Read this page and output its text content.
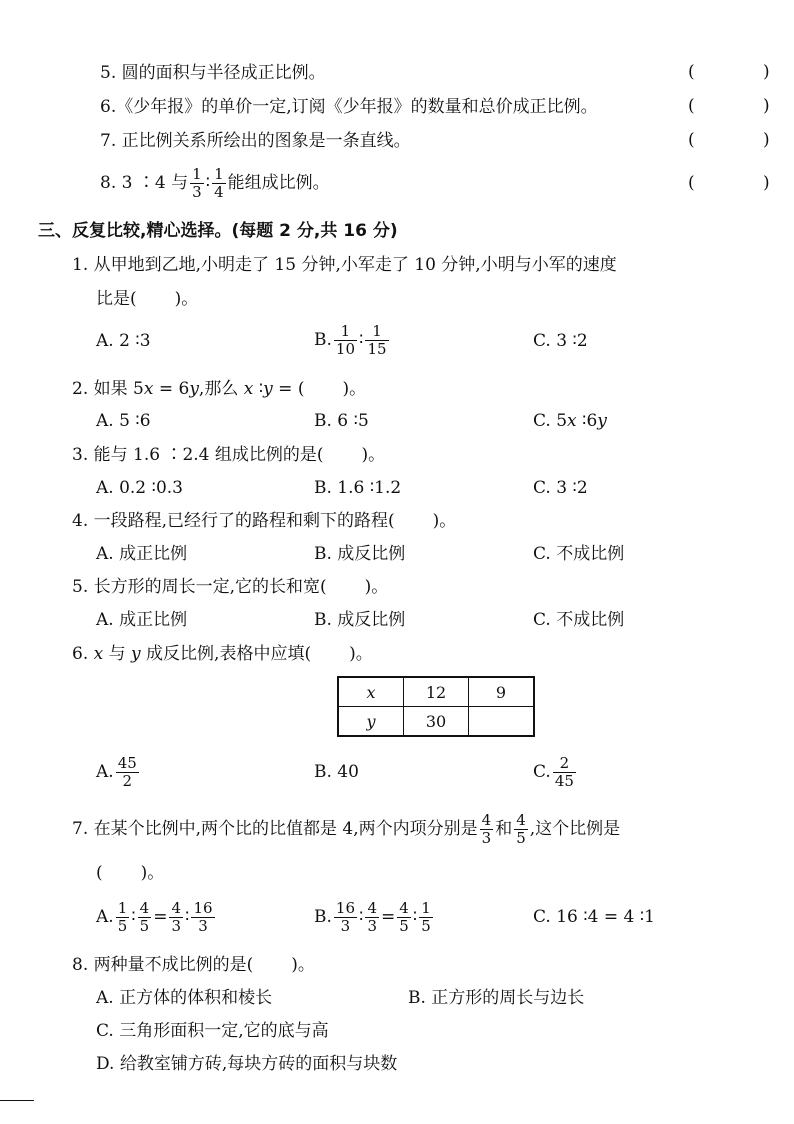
5. 圆的面积与半径成正比例。	(	)
6.《少年报》的单价一定,订阅《少年报》的数量和总价成正比例。	(	)
7. 正比例关系所绘出的图象是一条直线。	(	)
8. 3 ∶4 与 $\frac{1}{3}$ ∶ $\frac{1}{4}$ 能组成比例。	(	)
三、反复比较,精心选择。(每题 2 分,共 16 分)
1. 从甲地到乙地,小明走了 15 分钟,小军走了 10 分钟,小明与小军的速度
比是( )。
A. 2 ∶3	B. $\frac{1}{10}$ ∶ $\frac{1}{15}$	C. 3 ∶2
2. 如果 5x = 6y,那么 x ∶y = ( )。
A. 5 ∶6	B. 6 ∶5	C. 5x ∶6y
3. 能与 1.6 ∶2.4 组成比例的是( )。
A. 0.2 ∶0.3	B. 1.6 ∶1.2	C. 3 ∶2
4. 一段路程,已经行了的路程和剩下的路程( )。
A. 成正比例	B. 成反比例	C. 不成比例
5. 长方形的周长一定,它的长和宽( )。
A. 成正比例	B. 成反比例	C. 不成比例
6. x 与 y 成反比例,表格中应填( )。
x	12	9
y	30	
A. $\frac{45}{2}$	B. 40	C. $\frac{2}{45}$
7. 在某个比例中,两个比的比值都是 4,两个内项分别是 $\frac{4}{3}$ 和 $\frac{4}{5}$ ,这个比例是
( )。
A. $\frac{1}{5}$ ∶ $\frac{4}{5} = \frac{4}{3}$ ∶ $\frac{16}{3}$	B. $\frac{16}{3}$ ∶ $\frac{4}{3} = \frac{4}{5}$ ∶ $\frac{1}{5}$	C. 16 ∶4 = 4 ∶1
8. 两种量不成比例的是( )。
A. 正方体的体积和棱长	B. 正方形的周长与边长
C. 三角形面积一定,它的底与高
D. 给教室铺方砖,每块方砖的面积与块数
